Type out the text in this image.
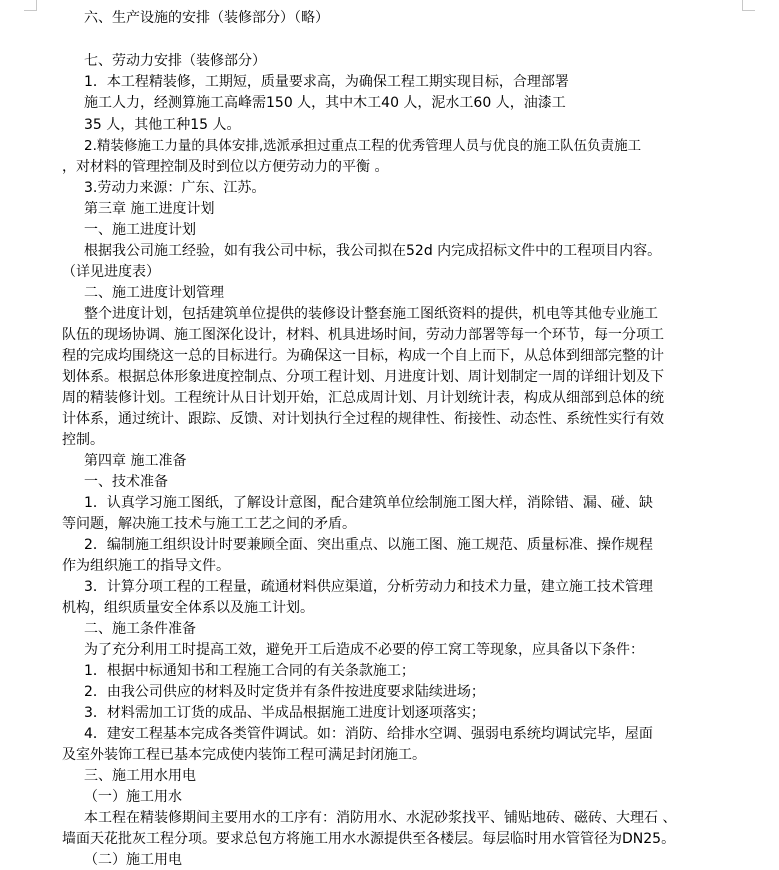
六、生产设施的安排（装修部分）（略）
七、劳动力安排（装修部分）
1．本工程精装修，工期短，质量要求高，为确保工程工期实现目标，合理部署
施工人力，经测算施工高峰需150 人，其中木工40 人，泥水工60 人，油漆工
35 人，其他工种15 人。
2.精装修施工力量的具体安排,选派承担过重点工程的优秀管理人员与优良的施工队伍负责施工
，对材料的管理控制及时到位以方便劳动力的平衡 。
3.劳动力来源：广东、江苏。
第三章 施工进度计划
一、施工进度计划
根据我公司施工经验，如有我公司中标，我公司拟在52d 内完成招标文件中的工程项目内容。
（详见进度表）
二、施工进度计划管理
整个进度计划，包括建筑单位提供的装修设计整套施工图纸资料的提供，机电等其他专业施工
队伍的现场协调、施工图深化设计，材料、机具进场时间，劳动力部署等每一个环节，每一分项工
程的完成均围绕这一总的目标进行。为确保这一目标，构成一个自上而下，从总体到细部完整的计
划体系。根据总体形象进度控制点、分项工程计划、月进度计划、周计划制定一周的详细计划及下
周的精装修计划。工程统计从日计划开始，汇总成周计划、月计划统计表，构成从细部到总体的统
计体系，通过统计、跟踪、反馈、对计划执行全过程的规律性、衔接性、动态性、系统性实行有效
控制。
第四章 施工准备
一、技术准备
1．认真学习施工图纸，了解设计意图，配合建筑单位绘制施工图大样，消除错、漏、碰、缺
等问题，解决施工技术与施工工艺之间的矛盾。
2．编制施工组织设计时要兼顾全面、突出重点、以施工图、施工规范、质量标准、操作规程
作为组织施工的指导文件。
3．计算分项工程的工程量，疏通材料供应渠道，分析劳动力和技术力量，建立施工技术管理
机构，组织质量安全体系以及施工计划。
二、施工条件准备
为了充分利用工时提高工效，避免开工后造成不必要的停工窝工等现象，应具备以下条件：
1．根据中标通知书和工程施工合同的有关条款施工；
2．由我公司供应的材料及时定货并有条件按进度要求陆续进场；
3．材料需加工订货的成品、半成品根据施工进度计划逐项落实；
4．建安工程基本完成各类管件调试。如：消防、给排水空调、强弱电系统均调试完毕，屋面
及室外装饰工程已基本完成使内装饰工程可满足封闭施工。
三、施工用水用电
（一）施工用水
本工程在精装修期间主要用水的工序有：消防用水、水泥砂浆找平、铺贴地砖、磁砖、大理石 、
墙面天花批灰工程分项。要求总包方将施工用水水源提供至各楼层。每层临时用水管管径为DN25。
（二）施工用电
